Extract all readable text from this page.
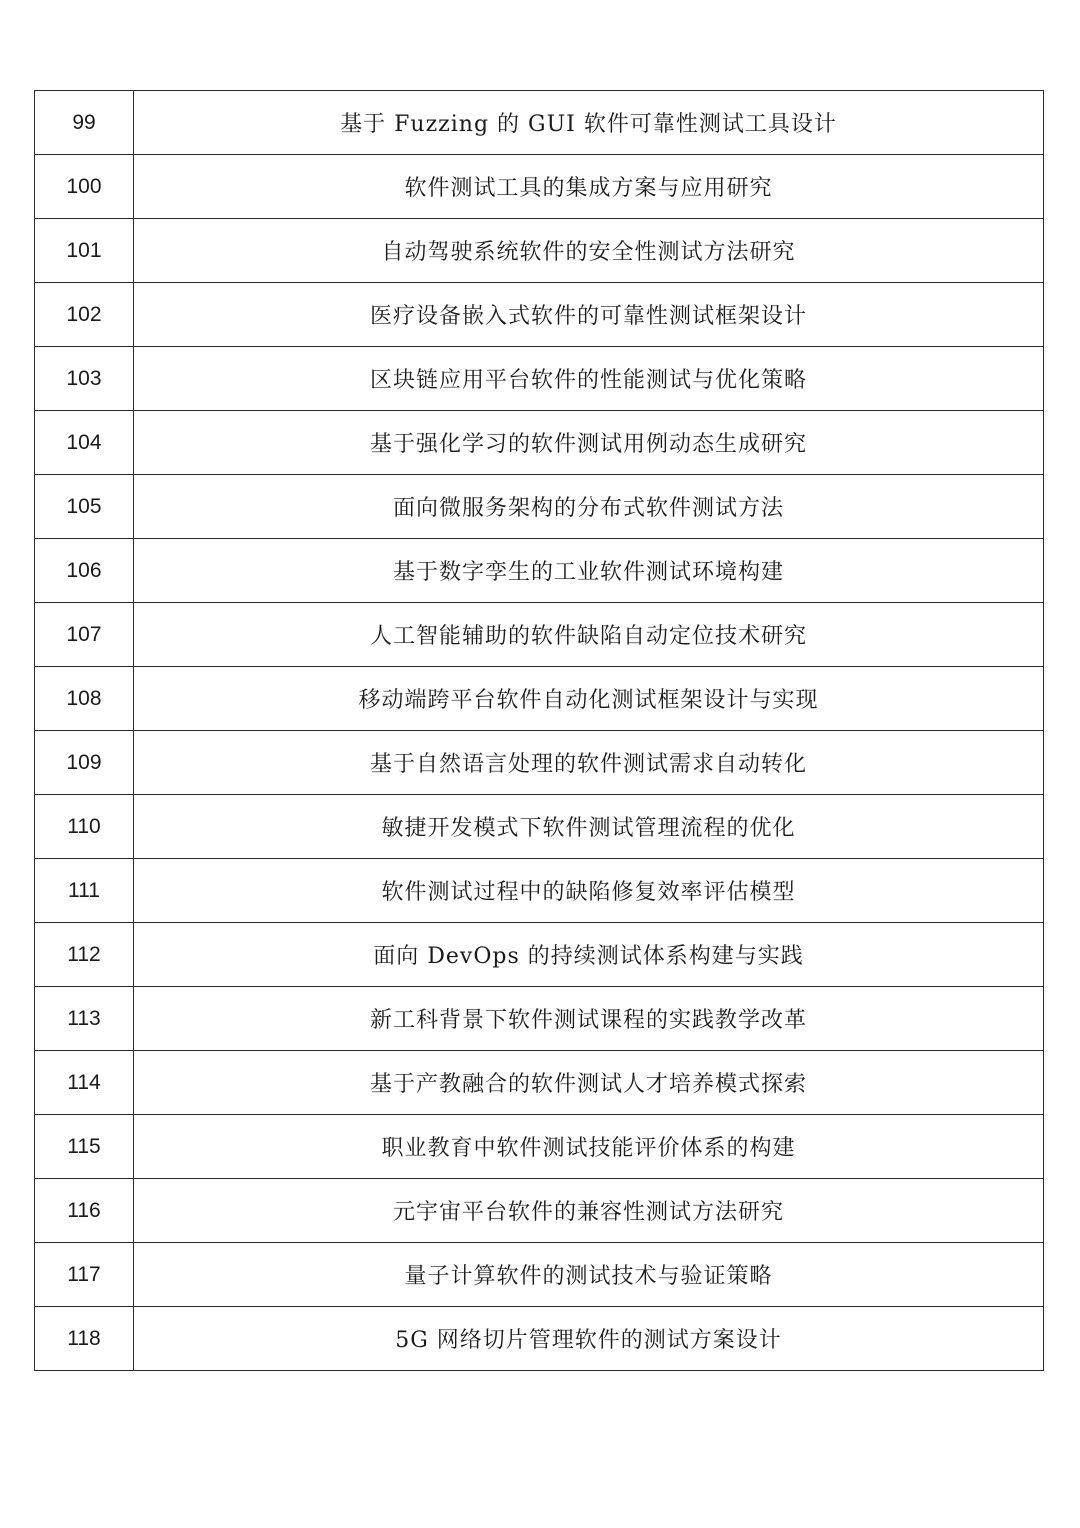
99	基于 Fuzzing 的 GUI 软件可靠性测试工具设计
100	软件测试工具的集成方案与应用研究
101	自动驾驶系统软件的安全性测试方法研究
102	医疗设备嵌入式软件的可靠性测试框架设计
103	区块链应用平台软件的性能测试与优化策略
104	基于强化学习的软件测试用例动态生成研究
105	面向微服务架构的分布式软件测试方法
106	基于数字孪生的工业软件测试环境构建
107	人工智能辅助的软件缺陷自动定位技术研究
108	移动端跨平台软件自动化测试框架设计与实现
109	基于自然语言处理的软件测试需求自动转化
110	敏捷开发模式下软件测试管理流程的优化
111	软件测试过程中的缺陷修复效率评估模型
112	面向 DevOps 的持续测试体系构建与实践
113	新工科背景下软件测试课程的实践教学改革
114	基于产教融合的软件测试人才培养模式探索
115	职业教育中软件测试技能评价体系的构建
116	元宇宙平台软件的兼容性测试方法研究
117	量子计算软件的测试技术与验证策略
118	5G 网络切片管理软件的测试方案设计
